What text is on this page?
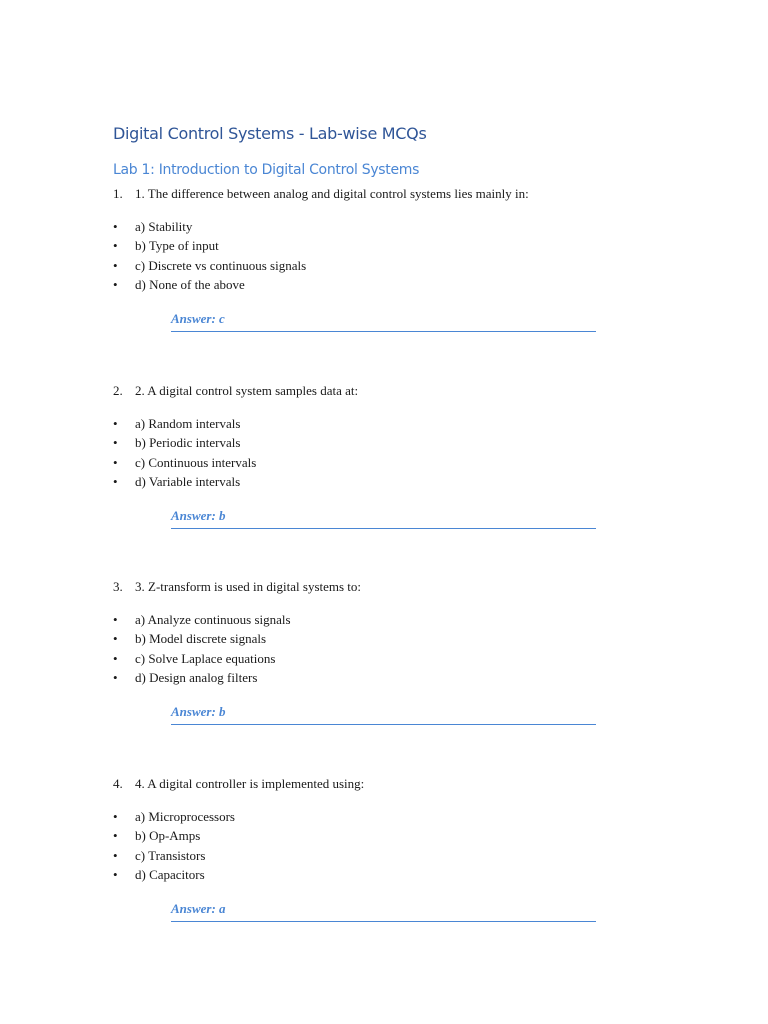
Digital Control Systems - Lab-wise MCQs
Lab 1: Introduction to Digital Control Systems
1. 1. The difference between analog and digital control systems lies mainly in:
• a) Stability
• b) Type of input
• c) Discrete vs continuous signals
• d) None of the above
Answer: c
2. 2. A digital control system samples data at:
• a) Random intervals
• b) Periodic intervals
• c) Continuous intervals
• d) Variable intervals
Answer: b
3. 3. Z-transform is used in digital systems to:
• a) Analyze continuous signals
• b) Model discrete signals
• c) Solve Laplace equations
• d) Design analog filters
Answer: b
4. 4. A digital controller is implemented using:
• a) Microprocessors
• b) Op-Amps
• c) Transistors
• d) Capacitors
Answer: a
